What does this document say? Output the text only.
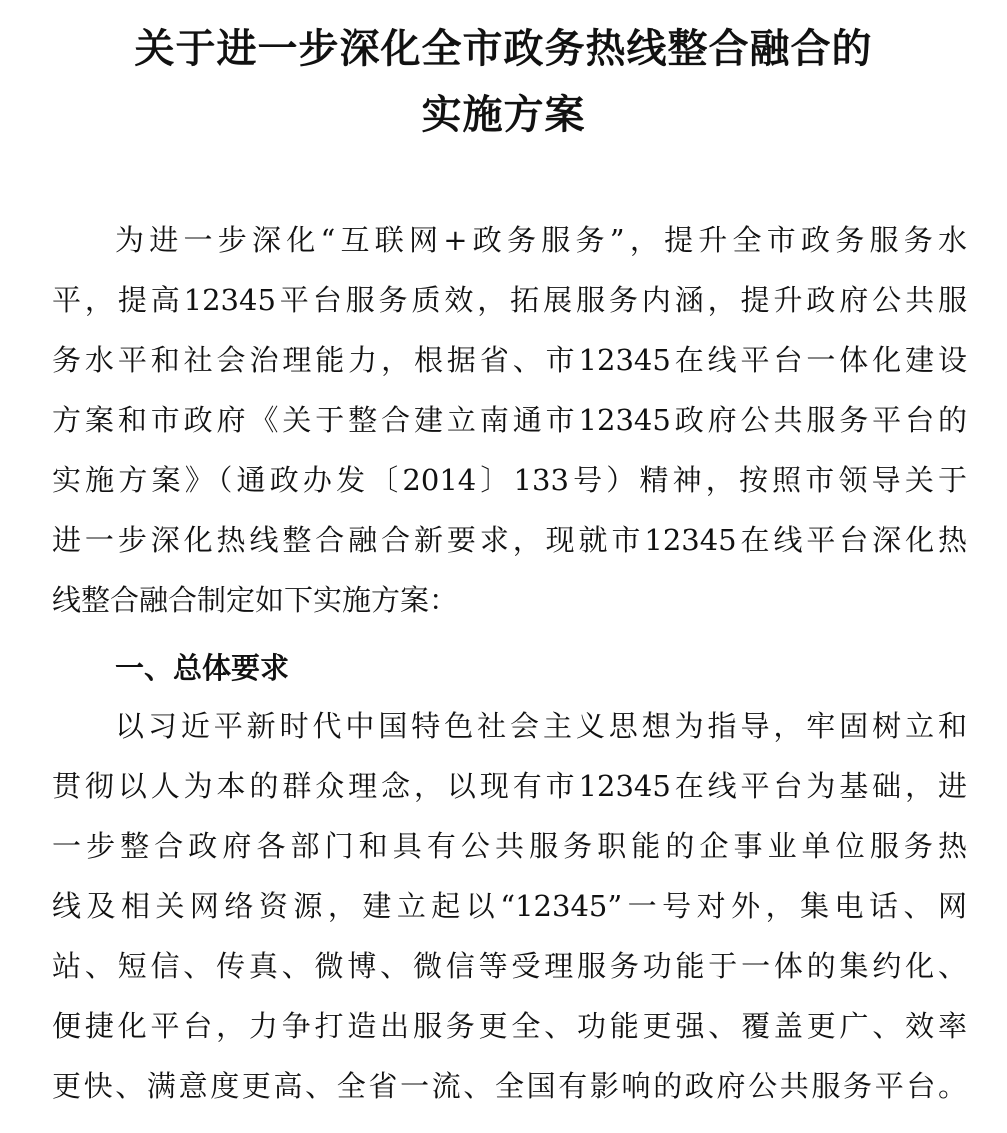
关于进一步深化全市政务热线整合融合的
实施方案

为进一步深化“互联网+政务服务”，提升全市政务服务水

平，提高12345平台服务质效，拓展服务内涵，提升政府公共服

务水平和社会治理能力，根据省、市12345在线平台一体化建设

方案和市政府《关于整合建立南通市12345政府公共服务平台的

实施方案》（通政办发〔2014〕133号）精神，按照市领导关于

进一步深化热线整合融合新要求，现就市12345在线平台深化热

线整合融合制定如下实施方案：

一、总体要求

以习近平新时代中国特色社会主义思想为指导，牢固树立和

贯彻以人为本的群众理念，以现有市12345在线平台为基础，进

一步整合政府各部门和具有公共服务职能的企事业单位服务热

线及相关网络资源，建立起以“12345”一号对外，集电话、网

站、短信、传真、微博、微信等受理服务功能于一体的集约化、

便捷化平台，力争打造出服务更全、功能更强、覆盖更广、效率

更快、满意度更高、全省一流、全国有影响的政府公共服务平台。
